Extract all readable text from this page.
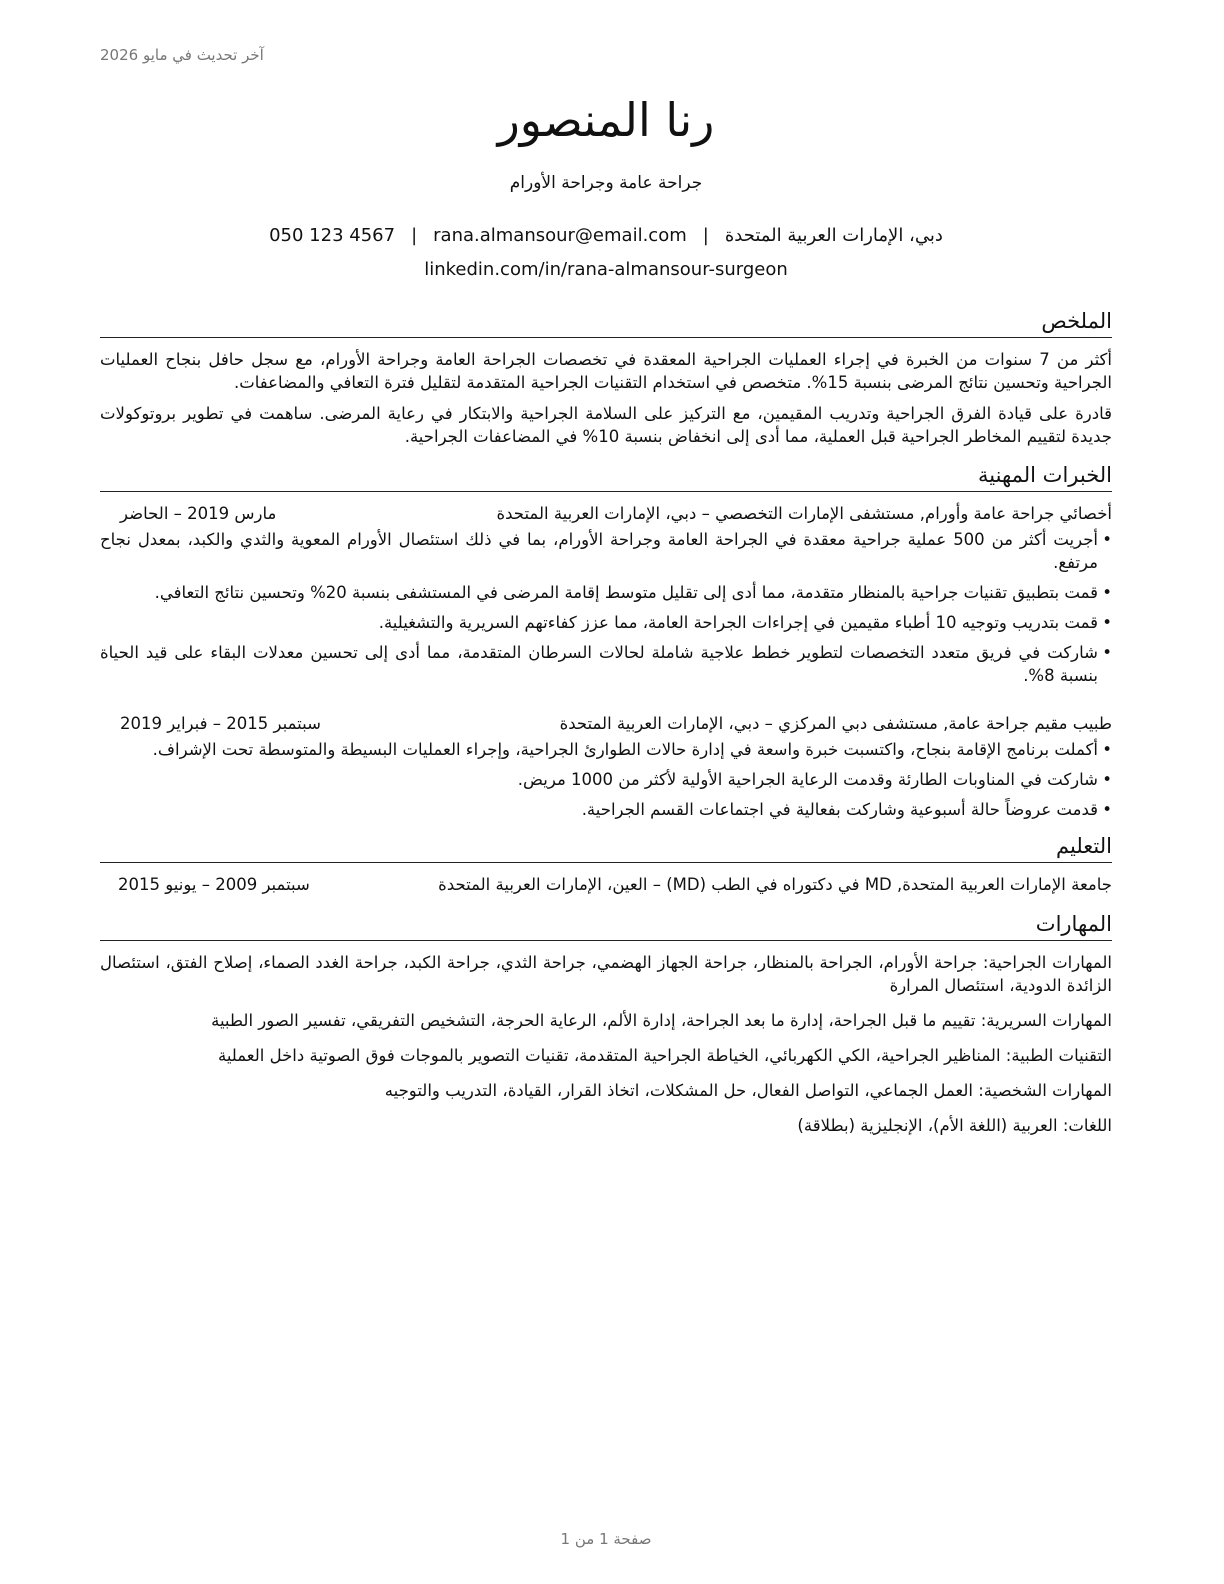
آخر تحديث في مايو 2026
رنا المنصور
جراحة عامة وجراحة الأورام
دبي، الإمارات العربية المتحدة|rana.almansour@email.com|050 123 4567
linkedin.com/in/rana-almansour-surgeon
الملخص

أكثر من 7 سنوات من الخبرة في إجراء العمليات الجراحية المعقدة في تخصصات الجراحة العامة وجراحة الأورام، مع سجل حافل بنجاح العمليات الجراحية وتحسين نتائج المرضى بنسبة 15%. متخصص في استخدام التقنيات الجراحية المتقدمة لتقليل فترة التعافي والمضاعفات.

قادرة على قيادة الفرق الجراحية وتدريب المقيمين، مع التركيز على السلامة الجراحية والابتكار في رعاية المرضى. ساهمت في تطوير بروتوكولات جديدة لتقييم المخاطر الجراحية قبل العملية، مما أدى إلى انخفاض بنسبة 10% في المضاعفات الجراحية.

الخبرات المهنية
أخصائي جراحة عامة وأورام, مستشفى الإمارات التخصصي – دبي، الإمارات العربية المتحدة
مارس 2019 – الحاضر
• أجريت أكثر من 500 عملية جراحية معقدة في الجراحة العامة وجراحة الأورام، بما في ذلك استئصال الأورام المعوية والثدي والكبد، بمعدل نجاح مرتفع.
• قمت بتطبيق تقنيات جراحية بالمنظار متقدمة، مما أدى إلى تقليل متوسط إقامة المرضى في المستشفى بنسبة 20% وتحسين نتائج التعافي.
• قمت بتدريب وتوجيه 10 أطباء مقيمين في إجراءات الجراحة العامة، مما عزز كفاءتهم السريرية والتشغيلية.
• شاركت في فريق متعدد التخصصات لتطوير خطط علاجية شاملة لحالات السرطان المتقدمة، مما أدى إلى تحسين معدلات البقاء على قيد الحياة بنسبة 8%.
طبيب مقيم جراحة عامة, مستشفى دبي المركزي – دبي، الإمارات العربية المتحدة
سبتمبر 2015 – فبراير 2019
• أكملت برنامج الإقامة بنجاح، واكتسبت خبرة واسعة في إدارة حالات الطوارئ الجراحية، وإجراء العمليات البسيطة والمتوسطة تحت الإشراف.
• شاركت في المناوبات الطارئة وقدمت الرعاية الجراحية الأولية لأكثر من 1000 مريض.
• قدمت عروضاً حالة أسبوعية وشاركت بفعالية في اجتماعات القسم الجراحية.
التعليم
جامعة الإمارات العربية المتحدة, MD في دكتوراه في الطب (MD) – العين، الإمارات العربية المتحدة
سبتمبر 2009 – يونيو 2015
المهارات

المهارات الجراحية: جراحة الأورام، الجراحة بالمنظار، جراحة الجهاز الهضمي، جراحة الثدي، جراحة الكبد، جراحة الغدد الصماء، إصلاح الفتق، استئصال الزائدة الدودية، استئصال المرارة

المهارات السريرية: تقييم ما قبل الجراحة، إدارة ما بعد الجراحة، إدارة الألم، الرعاية الحرجة، التشخيص التفريقي، تفسير الصور الطبية

التقنيات الطبية: المناظير الجراحية، الكي الكهربائي، الخياطة الجراحية المتقدمة، تقنيات التصوير بالموجات فوق الصوتية داخل العملية

المهارات الشخصية: العمل الجماعي، التواصل الفعال، حل المشكلات، اتخاذ القرار، القيادة، التدريب والتوجيه

اللغات: العربية (اللغة الأم)، الإنجليزية (بطلاقة)

صفحة 1 من 1
